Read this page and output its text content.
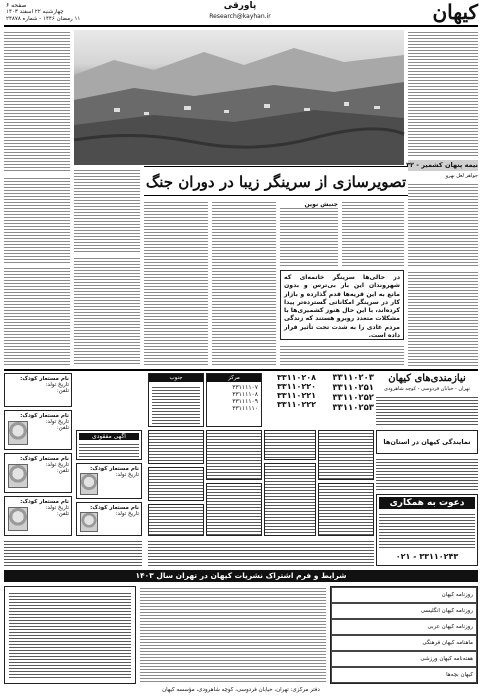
صفحه ۶
چهارشنبه ۲۲ اسفند ۱۴۰۳
۱۱ رمضان ۱۴۴۶ - شماره ۲۴۸۷۸
پاورقی
Research@kayhan.ir	کیهان
نیمه پنهان کشمیر - ۳۲
تصویرسازی از سرینگر زیبا در دوران جنگ	جواهر لعل نهرو
جنبش نوین
در حالی‌ها سرینگر خاتمه‌ای که شهروندان این بار بی‌ترس و بدون مانع به این قریه‌ها قدم گذارده و بازار کار در سرینگر امکاناتی گسترده‌تر پیدا کرده‌اند، با این حال هنوز کشمیری‌ها با مشکلات متعدد روبرو هستند که زندگی مردم عادی را به شدت تحت تأثیر قرار داده است.
جنوب	مرکز
۳۳۱۱۱۱۰۷
۳۳۱۱۱۱۰۸
۳۳۱۱۱۱۰۹
۳۳۱۱۱۱۱۰
۳۳۱۱۰۲۰۸
۳۳۱۱۰۲۲۰
۳۳۱۱۰۲۲۱
۳۳۱۱۰۲۲۲
۳۳۱۱۰۲۰۳
۳۳۱۱۰۲۵۱
۳۳۱۱۰۲۵۲
۳۳۱۱۰۲۵۳
نیازمندی‌های کیهان
تهران - خیابان فردوسی - کوچه شاهرودی
نام مستعار کودک:
تاریخ تولد:
تلفن:
نام مستعار کودک:
تاریخ تولد:
تلفن:
نام مستعار کودک:
تاریخ تولد:
تلفن:
نام مستعار کودک:
تاریخ تولد:
تلفن:
آگهی مفقودی
نام مستعار کودک:
تاریخ تولد:
نام مستعار کودک:
تاریخ تولد:
نمایندگی کیهان در استان‌ها
دعوت به همکاری
۳۳۱۱۰۲۴۳ - ۰۲۱
شرایط و فرم اشتراک نشریات کیهان در تهران سال ۱۴۰۳
روزنامه کیهان
روزنامه کیهان انگلیسی
روزنامه کیهان عربی
ماهنامه کیهان فرهنگی
هفته‌نامه کیهان ورزشی
کیهان بچه‌ها
دفتر مرکزی: تهران، خیابان فردوسی، کوچه شاهرودی، مؤسسه کیهان
